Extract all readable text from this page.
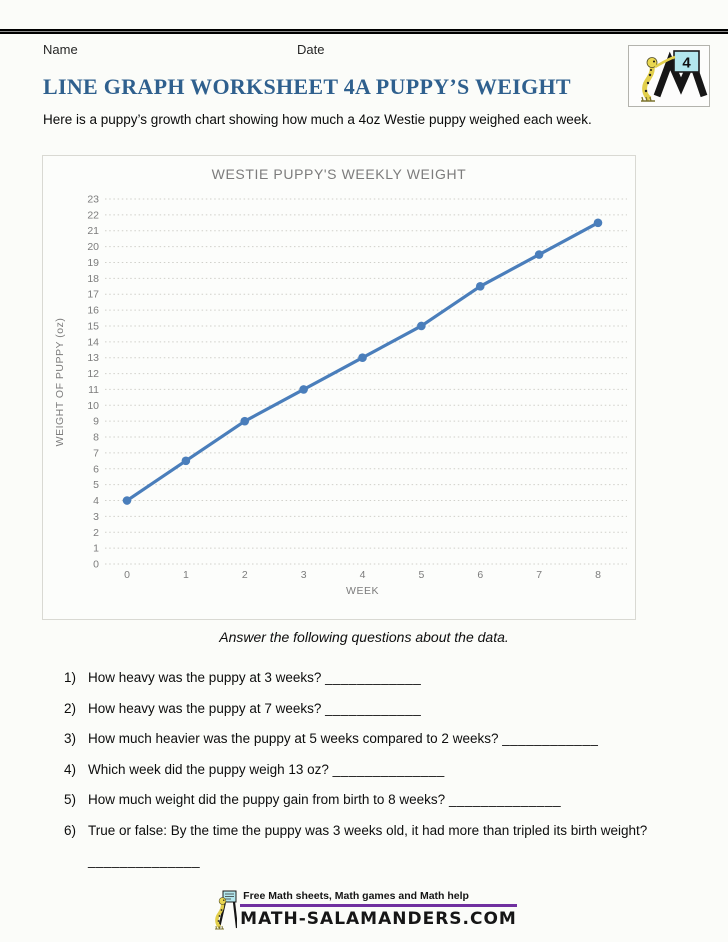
Name	Date
4
LINE GRAPH WORKSHEET 4A PUPPY’S WEIGHT

Here is a puppy’s growth chart showing how much a 4oz Westie puppy weighed each week.

WESTIE PUPPY'S WEEKLY WEIGHT
0
1
2
3
4
5
6
7
8
9
10
11
12
13
14
15
16
17
18
19
20
21
22
23
0	1	2	3	4	5	6	7	8
WEEK
WEIGHT OF PUPPY (oz)

Answer the following questions about the data.

1) How heavy was the puppy at 3 weeks? ____________
2) How heavy was the puppy at 7 weeks? ____________
3) How much heavier was the puppy at 5 weeks compared to 2 weeks? ____________
4) Which week did the puppy weigh 13 oz? ______________
5) How much weight did the puppy gain from birth to 8 weeks? ______________
6) True or false: By the time the puppy was 3 weeks old, it had more than tripled its birth weight? ______________
Free Math sheets, Math games and Math help
MATH-SALAMANDERS.COM
